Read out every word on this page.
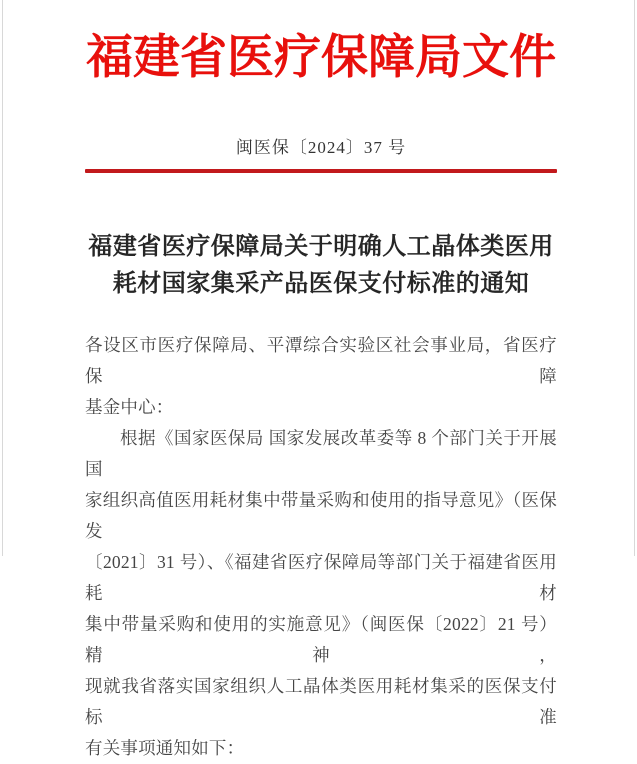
福建省医疗保障局文件
闽医保〔2024〕37 号
福建省医疗保障局关于明确人工晶体类医用
耗材国家集采产品医保支付标准的通知
各设区市医疗保障局、平潭综合实验区社会事业局，省医疗保障
基金中心：
根据《国家医保局 国家发展改革委等 8 个部门关于开展国
家组织高值医用耗材集中带量采购和使用的指导意见》（医保发
〔2021〕31 号）、《福建省医疗保障局等部门关于福建省医用耗材
集中带量采购和使用的实施意见》（闽医保〔2022〕21 号）精神，
现就我省落实国家组织人工晶体类医用耗材集采的医保支付标准
有关事项通知如下：
